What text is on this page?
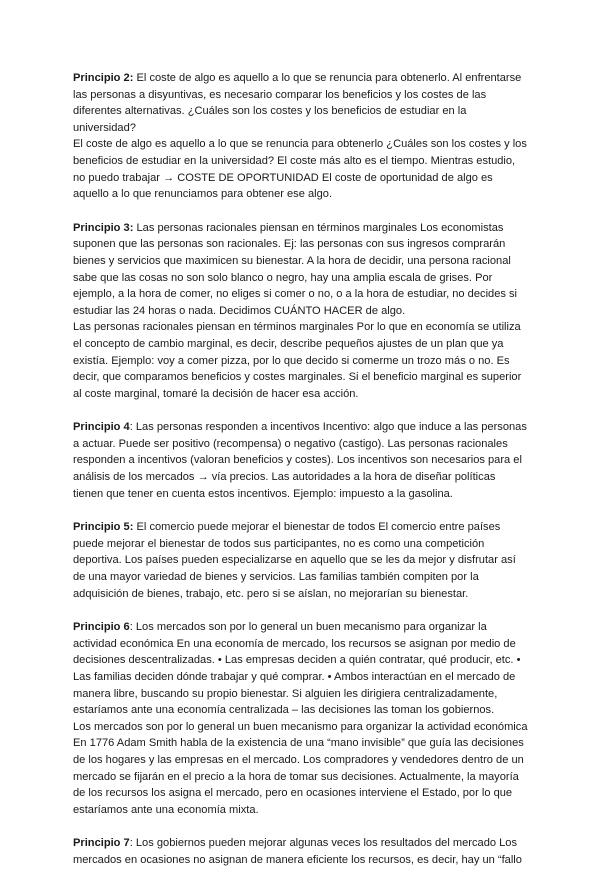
Principio 2: El coste de algo es aquello a lo que se renuncia para obtenerlo. Al enfrentarse las personas a disyuntivas, es necesario comparar los beneficios y los costes de las diferentes alternativas. ¿Cuáles son los costes y los beneficios de estudiar en la universidad?

El coste de algo es aquello a lo que se renuncia para obtenerlo ¿Cuáles son los costes y los beneficios de estudiar en la universidad? El coste más alto es el tiempo. Mientras estudio, no puedo trabajar → COSTE DE OPORTUNIDAD El coste de oportunidad de algo es aquello a lo que renunciamos para obtener ese algo.

Principio 3: Las personas racionales piensan en términos marginales Los economistas suponen que las personas son racionales. Ej: las personas con sus ingresos comprarán bienes y servicios que maximicen su bienestar. A la hora de decidir, una persona racional sabe que las cosas no son solo blanco o negro, hay una amplia escala de grises. Por ejemplo, a la hora de comer, no eliges si comer o no, o a la hora de estudiar, no decides si estudiar las 24 horas o nada. Decidimos CUÁNTO HACER de algo.

Las personas racionales piensan en términos marginales Por lo que en economía se utiliza el concepto de cambio marginal, es decir, describe pequeños ajustes de un plan que ya existía. Ejemplo: voy a comer pizza, por lo que decido si comerme un trozo más o no. Es decir, que comparamos beneficios y costes marginales. Si el beneficio marginal es superior al coste marginal, tomaré la decisión de hacer esa acción.

Principio 4: Las personas responden a incentivos Incentivo: algo que induce a las personas a actuar. Puede ser positivo (recompensa) o negativo (castigo). Las personas racionales responden a incentivos (valoran beneficios y costes). Los incentivos son necesarios para el análisis de los mercados → vía precios. Las autoridades a la hora de diseñar políticas tienen que tener en cuenta estos incentivos. Ejemplo: impuesto a la gasolina.

Principio 5: El comercio puede mejorar el bienestar de todos El comercio entre países puede mejorar el bienestar de todos sus participantes, no es como una competición deportiva. Los países pueden especializarse en aquello que se les da mejor y disfrutar así de una mayor variedad de bienes y servicios. Las familias también compiten por la adquisición de bienes, trabajo, etc. pero si se aíslan, no mejorarían su bienestar.

Principio 6: Los mercados son por lo general un buen mecanismo para organizar la actividad económica En una economía de mercado, los recursos se asignan por medio de decisiones descentralizadas. • Las empresas deciden a quién contratar, qué producir, etc. • Las familias deciden dónde trabajar y qué comprar. • Ambos interactúan en el mercado de manera libre, buscando su propio bienestar. Si alguien les dirigiera centralizadamente, estaríamos ante una economía centralizada – las decisiones las toman los gobiernos.

Los mercados son por lo general un buen mecanismo para organizar la actividad económica En 1776 Adam Smith habla de la existencia de una “mano invisible” que guía las decisiones de los hogares y las empresas en el mercado. Los compradores y vendedores dentro de un mercado se fijarán en el precio a la hora de tomar sus decisiones. Actualmente, la mayoría de los recursos los asigna el mercado, pero en ocasiones interviene el Estado, por lo que estaríamos ante una economía mixta.

Principio 7: Los gobiernos pueden mejorar algunas veces los resultados del mercado Los mercados en ocasiones no asignan de manera eficiente los recursos, es decir, hay un “fallo
